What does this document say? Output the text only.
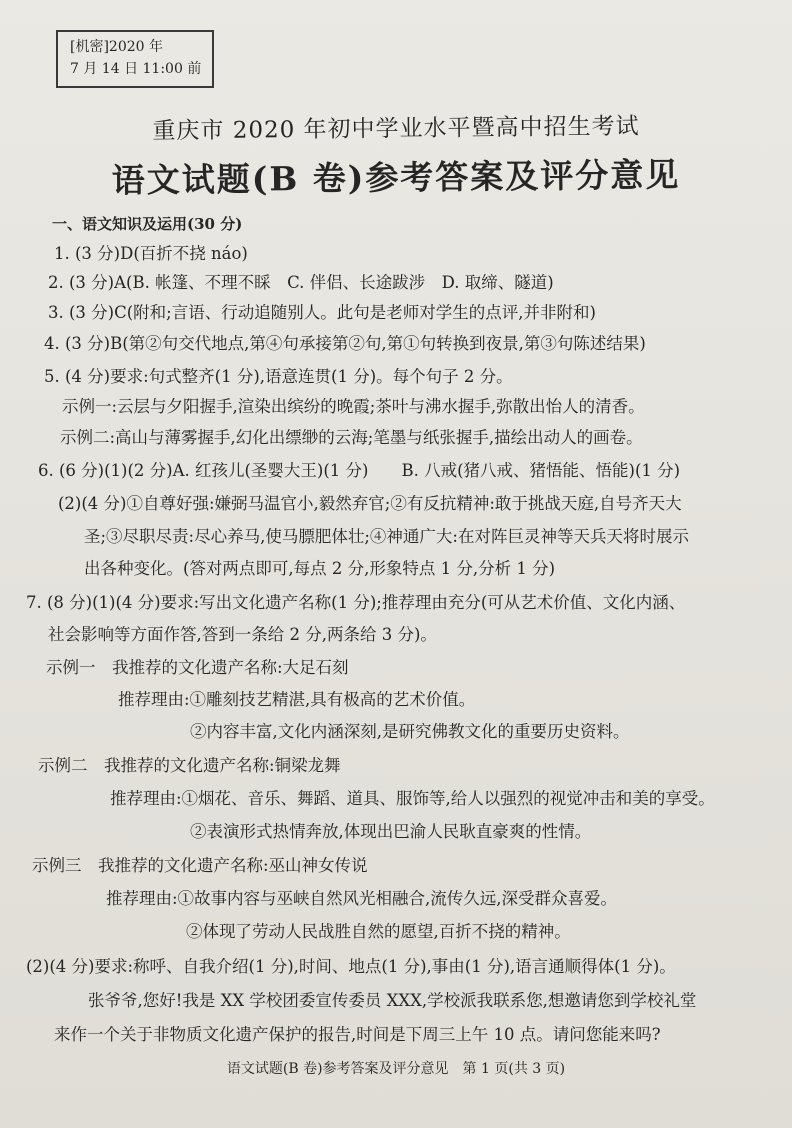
[机密]2020 年
7 月 14 日 11:00 前
重庆市 2020 年初中学业水平暨高中招生考试
语文试题(B 卷)参考答案及评分意见
一、语文知识及运用(30 分)
1. (3 分)D(百折不挠 náo)
2. (3 分)A(B. 帐篷、不理不睬　C. 伴侣、长途跋涉　D. 取缔、隧道)
3. (3 分)C(附和;言语、行动追随别人。此句是老师对学生的点评,并非附和)
4. (3 分)B(第②句交代地点,第④句承接第②句,第①句转换到夜景,第③句陈述结果)
5. (4 分)要求:句式整齐(1 分),语意连贯(1 分)。每个句子 2 分。
示例一:云层与夕阳握手,渲染出缤纷的晚霞;茶叶与沸水握手,弥散出怡人的清香。
示例二:高山与薄雾握手,幻化出缥缈的云海;笔墨与纸张握手,描绘出动人的画卷。
6. (6 分)(1)(2 分)A. 红孩儿(圣婴大王)(1 分)　　B. 八戒(猪八戒、猪悟能、悟能)(1 分)
(2)(4 分)①自尊好强:嫌弼马温官小,毅然弃官;②有反抗精神:敢于挑战天庭,自号齐天大
圣;③尽职尽责:尽心养马,使马膘肥体壮;④神通广大:在对阵巨灵神等天兵天将时展示
出各种变化。(答对两点即可,每点 2 分,形象特点 1 分,分析 1 分)
7. (8 分)(1)(4 分)要求:写出文化遗产名称(1 分);推荐理由充分(可从艺术价值、文化内涵、
社会影响等方面作答,答到一条给 2 分,两条给 3 分)。
示例一　我推荐的文化遗产名称:大足石刻
推荐理由:①雕刻技艺精湛,具有极高的艺术价值。
②内容丰富,文化内涵深刻,是研究佛教文化的重要历史资料。
示例二　我推荐的文化遗产名称:铜梁龙舞
推荐理由:①烟花、音乐、舞蹈、道具、服饰等,给人以强烈的视觉冲击和美的享受。
②表演形式热情奔放,体现出巴渝人民耿直豪爽的性情。
示例三　我推荐的文化遗产名称:巫山神女传说
推荐理由:①故事内容与巫峡自然风光相融合,流传久远,深受群众喜爱。
②体现了劳动人民战胜自然的愿望,百折不挠的精神。
(2)(4 分)要求:称呼、自我介绍(1 分),时间、地点(1 分),事由(1 分),语言通顺得体(1 分)。
张爷爷,您好!我是 XX 学校团委宣传委员 XXX,学校派我联系您,想邀请您到学校礼堂
来作一个关于非物质文化遗产保护的报告,时间是下周三上午 10 点。请问您能来吗?
语文试题(B 卷)参考答案及评分意见　第 1 页(共 3 页)
